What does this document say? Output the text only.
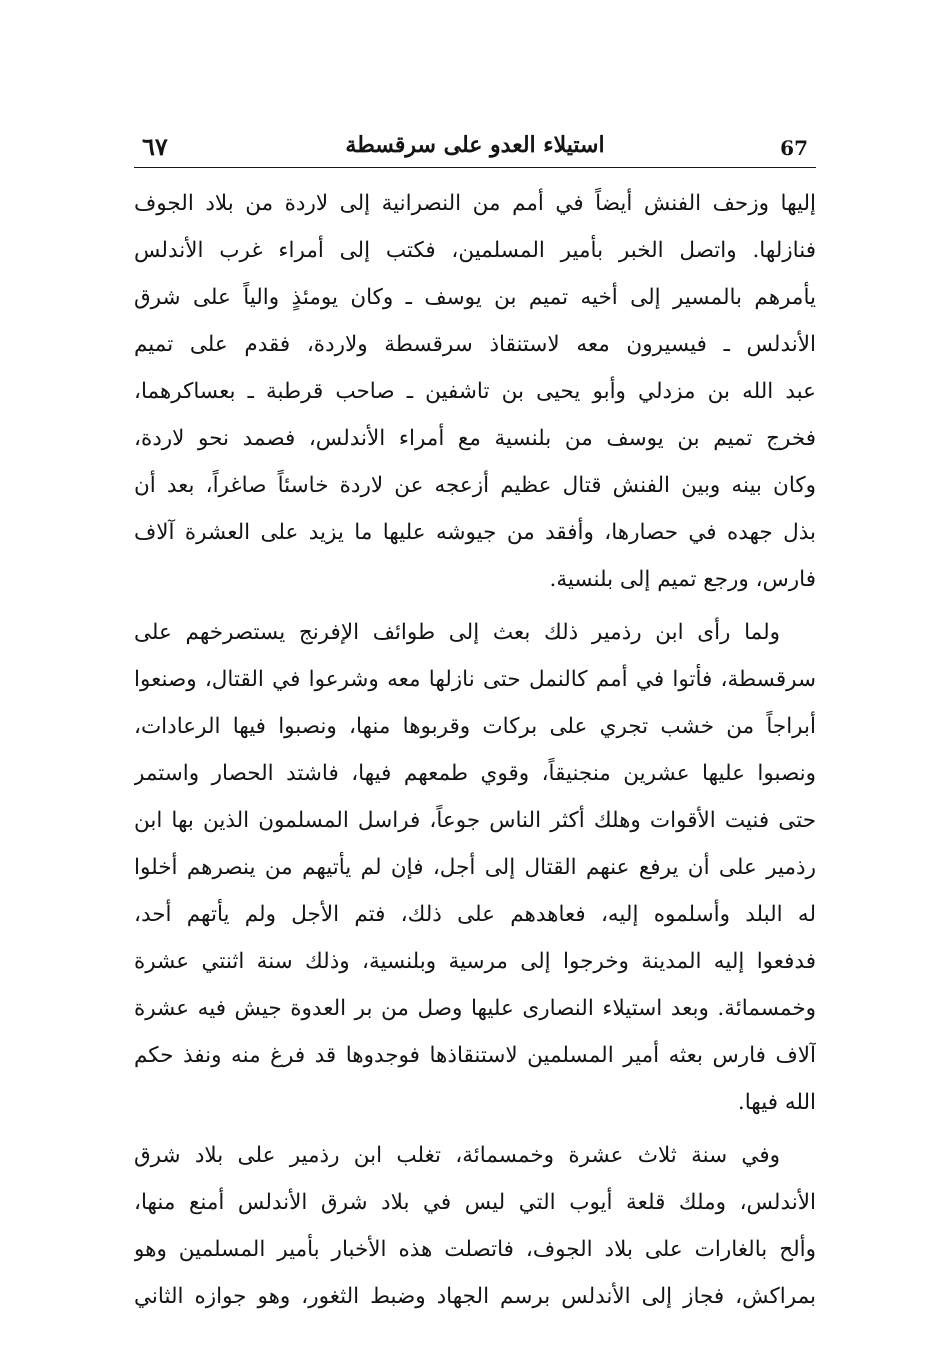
٦٧	استيلاء العدو على سرقسطة	67
إليها وزحف الفنش أيضاً في أمم من النصرانية إلى لاردة من بلاد الجوف
فنازلها. واتصل الخبر بأمير المسلمين، فكتب إلى أمراء غرب الأندلس
يأمرهم بالمسير إلى أخيه تميم بن يوسف ـ وكان يومئذٍ والياً على شرق
الأندلس ـ فيسيرون معه لاستنقاذ سرقسطة ولاردة، فقدم على تميم
عبد الله بن مزدلي وأبو يحيى بن تاشفين ـ صاحب قرطبة ـ بعساكرهما،
فخرج تميم بن يوسف من بلنسية مع أمراء الأندلس، فصمد نحو لاردة،
وكان بينه وبين الفنش قتال عظيم أزعجه عن لاردة خاسئاً صاغراً، بعد أن
بذل جهده في حصارها، وأفقد من جيوشه عليها ما يزيد على العشرة آلاف
فارس، ورجع تميم إلى بلنسية.
ولما رأى ابن رذمير ذلك بعث إلى طوائف الإفرنج يستصرخهم على
سرقسطة، فأتوا في أمم كالنمل حتى نازلها معه وشرعوا في القتال، وصنعوا
أبراجاً من خشب تجري على بركات وقربوها منها، ونصبوا فيها الرعادات،
ونصبوا عليها عشرين منجنيقاً، وقوي طمعهم فيها، فاشتد الحصار واستمر
حتى فنيت الأقوات وهلك أكثر الناس جوعاً، فراسل المسلمون الذين بها ابن
رذمير على أن يرفع عنهم القتال إلى أجل، فإن لم يأتيهم من ينصرهم أخلوا
له البلد وأسلموه إليه، فعاهدهم على ذلك، فتم الأجل ولم يأتهم أحد،
فدفعوا إليه المدينة وخرجوا إلى مرسية وبلنسية، وذلك سنة اثنتي عشرة
وخمسمائة. وبعد استيلاء النصارى عليها وصل من بر العدوة جيش فيه عشرة
آلاف فارس بعثه أمير المسلمين لاستنقاذها فوجدوها قد فرغ منه ونفذ حكم
الله فيها.
وفي سنة ثلاث عشرة وخمسمائة، تغلب ابن رذمير على بلاد شرق
الأندلس، وملك قلعة أيوب التي ليس في بلاد شرق الأندلس أمنع منها،
وألح بالغارات على بلاد الجوف، فاتصلت هذه الأخبار بأمير المسلمين وهو
بمراكش، فجاز إلى الأندلس برسم الجهاد وضبط الثغور، وهو جوازه الثاني
